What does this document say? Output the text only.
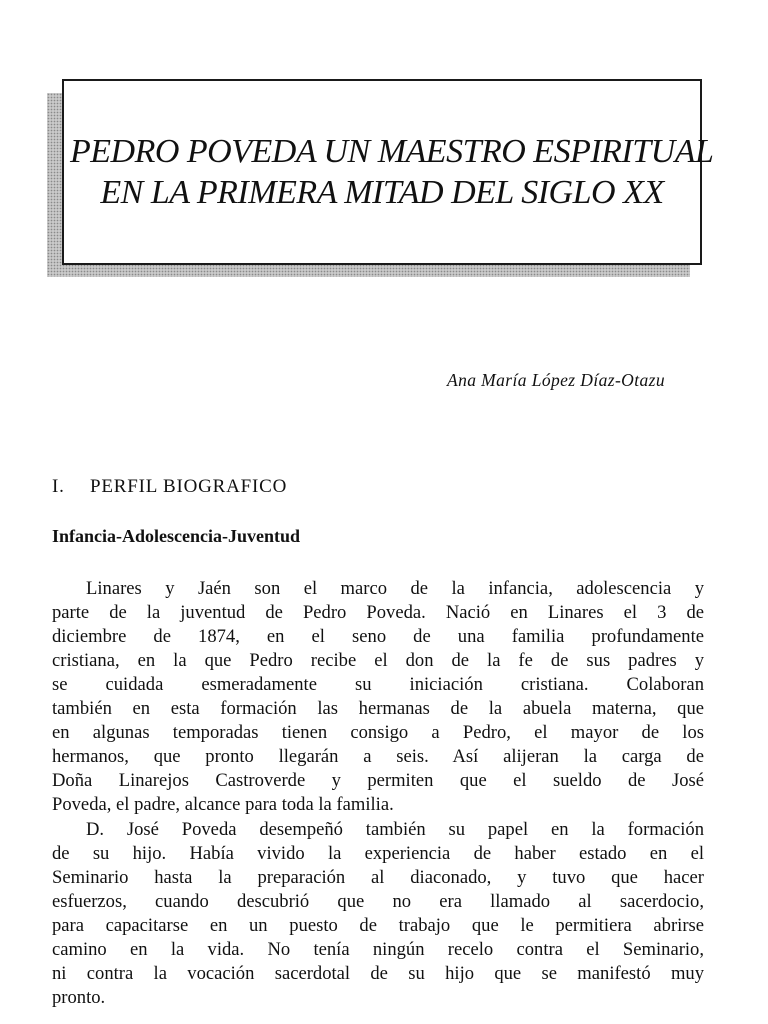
PEDRO POVEDA UN MAESTRO ESPIRITUAL
EN LA PRIMERA MITAD DEL SIGLO XX
Ana María López Díaz-Otazu
I. PERFIL BIOGRAFICO
Infancia-Adolescencia-Juventud
Linares y Jaén son el marco de la infancia, adolescencia y
parte de la juventud de Pedro Poveda. Nació en Linares el 3 de
diciembre de 1874, en el seno de una familia profundamente
cristiana, en la que Pedro recibe el don de la fe de sus padres y
se cuidada esmeradamente su iniciación cristiana. Colaboran
también en esta formación las hermanas de la abuela materna, que
en algunas temporadas tienen consigo a Pedro, el mayor de los
hermanos, que pronto llegarán a seis. Así alijeran la carga de
Doña Linarejos Castroverde y permiten que el sueldo de José
Poveda, el padre, alcance para toda la familia.
D. José Poveda desempeñó también su papel en la formación
de su hijo. Había vivido la experiencia de haber estado en el
Seminario hasta la preparación al diaconado, y tuvo que hacer
esfuerzos, cuando descubrió que no era llamado al sacerdocio,
para capacitarse en un puesto de trabajo que le permitiera abrirse
camino en la vida. No tenía ningún recelo contra el Seminario,
ni contra la vocación sacerdotal de su hijo que se manifestó muy
pronto.
